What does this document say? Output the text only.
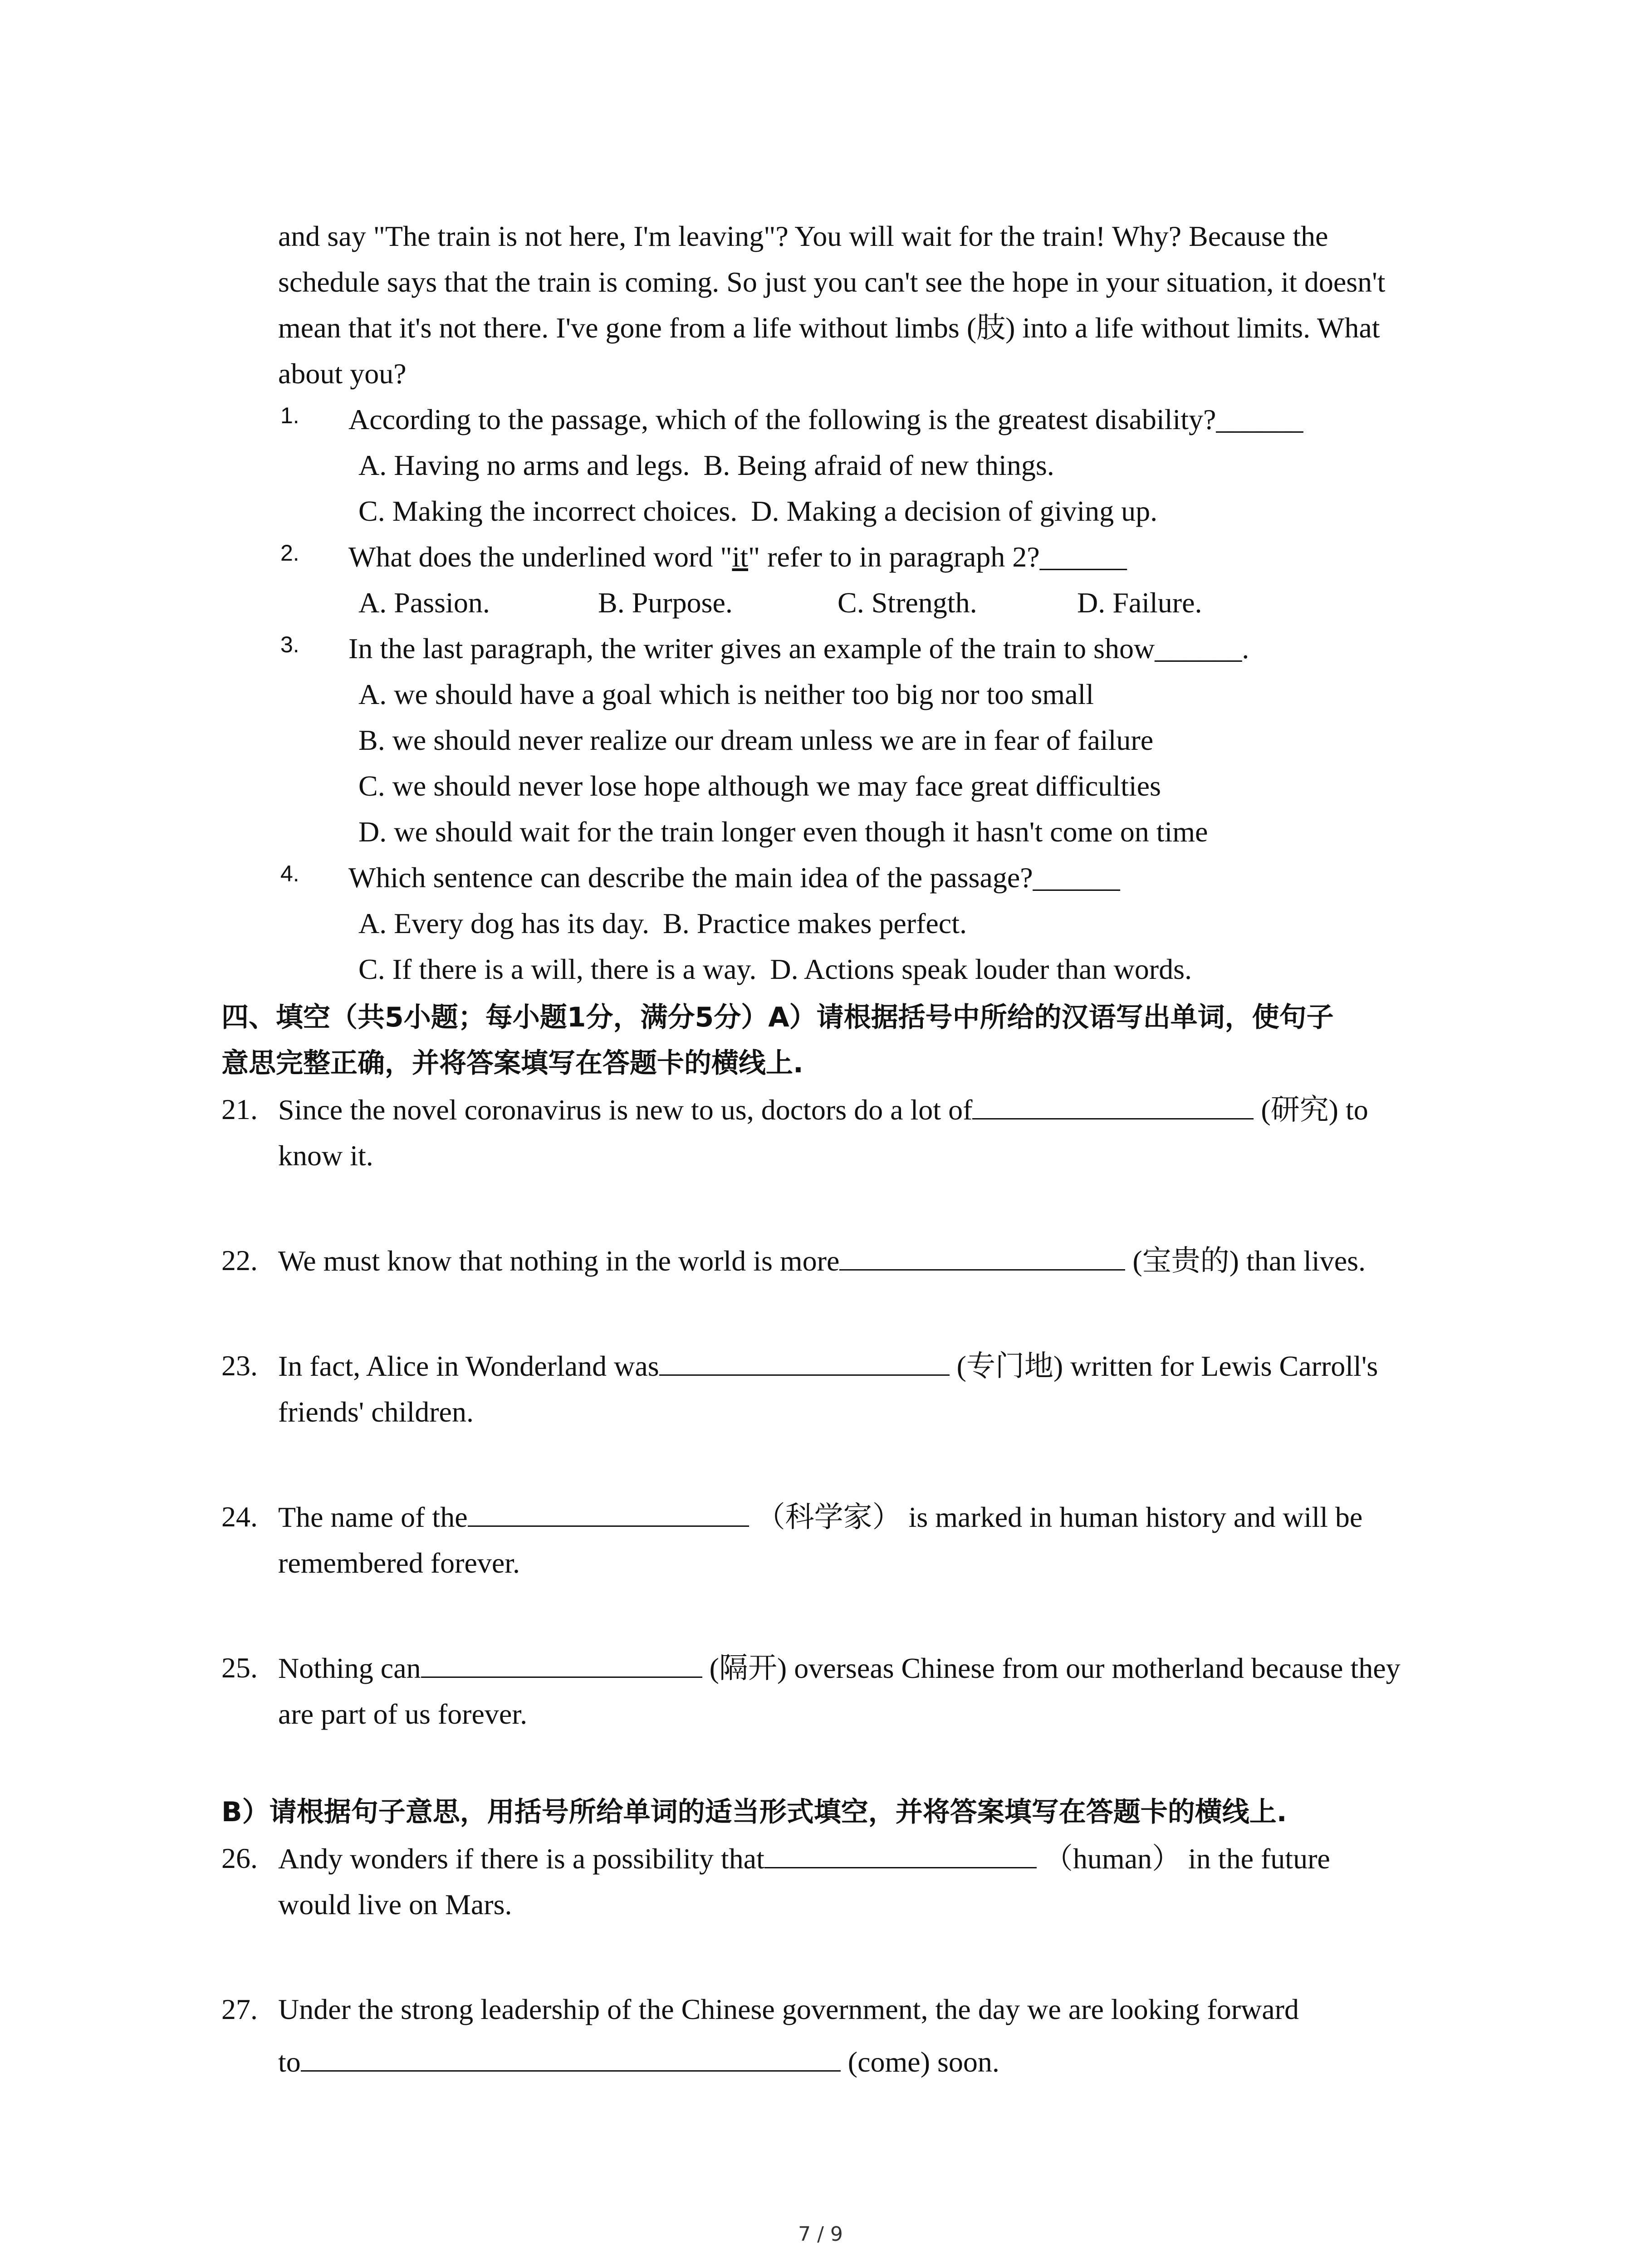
and say "The train is not here, I'm leaving"? You will wait for the train! Why? Because the
schedule says that the train is coming. So just you can't see the hope in your situation, it doesn't
mean that it's not there. I've gone from a life without limbs (肢) into a life without limits. What
about you?
1. According to the passage, which of the following is the greatest disability?______
A. Having no arms and legs. B. Being afraid of new things.
C. Making the incorrect choices. D. Making a decision of giving up.
2. What does the underlined word "it" refer to in paragraph 2?______
A. Passion.	B. Purpose.	C. Strength.	D. Failure.
3. In the last paragraph, the writer gives an example of the train to show______.
A. we should have a goal which is neither too big nor too small
B. we should never realize our dream unless we are in fear of failure
C. we should never lose hope although we may face great difficulties
D. we should wait for the train longer even though it hasn't come on time
4. Which sentence can describe the main idea of the passage?______
A. Every dog has its day. B. Practice makes perfect.
C. If there is a will, there is a way. D. Actions speak louder than words.
四、填空（共5小题；每小题1分，满分5分）A）请根据括号中所给的汉语写出单词，使句子
意思完整正确，并将答案填写在答题卡的横线上.
21. Since the novel coronavirus is new to us, doctors do a lot of	(研究) to
know it.
22. We must know that nothing in the world is more	(宝贵的) than lives.
23. In fact, Alice in Wonderland was	(专门地) written for Lewis Carroll's
friends' children.
24. The name of the	（科学家） is marked in human history and will be
remembered forever.
25. Nothing can	(隔开) overseas Chinese from our motherland because they
are part of us forever.
B）请根据句子意思，用括号所给单词的适当形式填空，并将答案填写在答题卡的横线上.
26. Andy wonders if there is a possibility that	（human） in the future
would live on Mars.
27. Under the strong leadership of the Chinese government, the day we are looking forward
to	(come) soon.
7 / 9
